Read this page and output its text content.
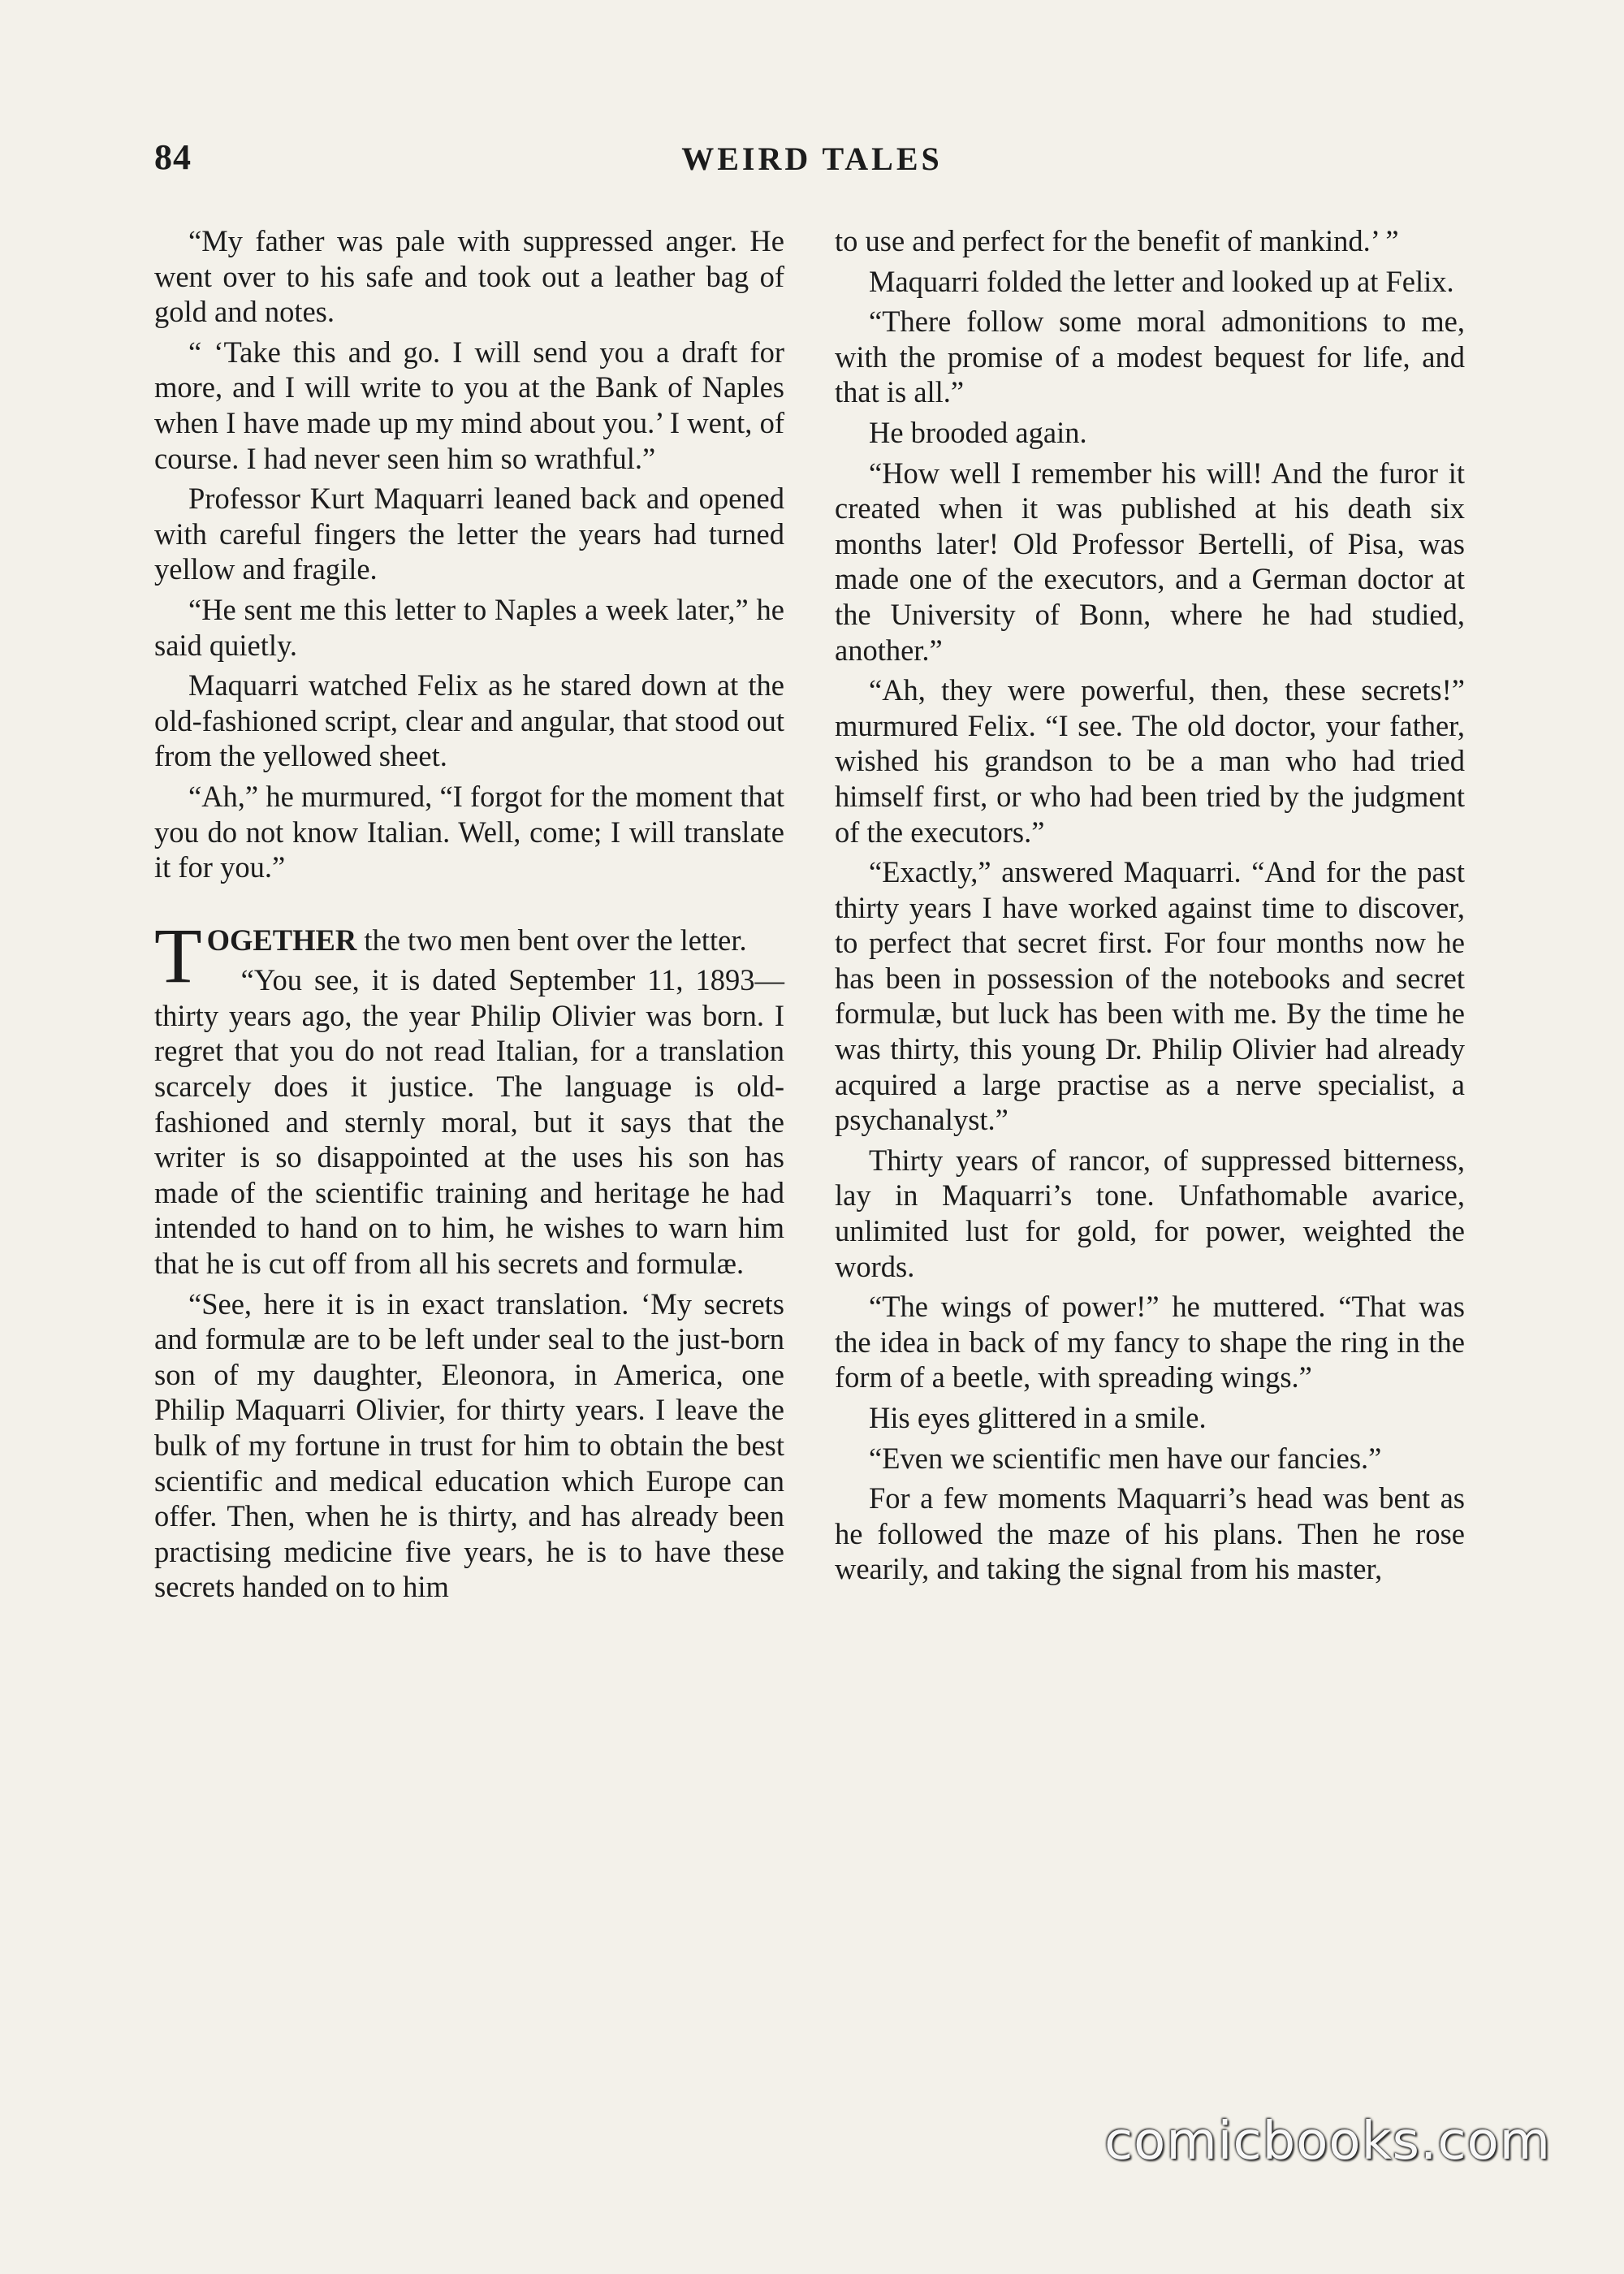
84	WEIRD TALES

“My father was pale with suppressed anger. He went over to his safe and took out a leather bag of gold and notes.

“ ‘Take this and go. I will send you a draft for more, and I will write to you at the Bank of Naples when I have made up my mind about you.’ I went, of course. I had never seen him so wrathful.”

Professor Kurt Maquarri leaned back and opened with careful fingers the letter the years had turned yellow and fragile.

“He sent me this letter to Naples a week later,” he said quietly.

Maquarri watched Felix as he stared down at the old-fashioned script, clear and angular, that stood out from the yellowed sheet.

“Ah,” he murmured, “I forgot for the moment that you do not know Italian. Well, come; I will translate it for you.”

TOGETHER the two men bent over the letter.

“You see, it is dated September 11, 1893—thirty years ago, the year Philip Olivier was born. I regret that you do not read Italian, for a translation scarcely does it justice. The language is old-fashioned and sternly moral, but it says that the writer is so disappointed at the uses his son has made of the scientific training and heritage he had intended to hand on to him, he wishes to warn him that he is cut off from all his secrets and formulæ.

“See, here it is in exact translation. ‘My secrets and formulæ are to be left under seal to the just-born son of my daughter, Eleonora, in America, one Philip Maquarri Olivier, for thirty years. I leave the bulk of my fortune in trust for him to obtain the best scientific and medical education which Europe can offer. Then, when he is thirty, and has already been practising medicine five years, he is to have these secrets handed on to him

to use and perfect for the benefit of mankind.’ ”

Maquarri folded the letter and looked up at Felix.

“There follow some moral admonitions to me, with the promise of a modest bequest for life, and that is all.”

He brooded again.

“How well I remember his will! And the furor it created when it was published at his death six months later! Old Professor Bertelli, of Pisa, was made one of the executors, and a German doctor at the University of Bonn, where he had studied, another.”

“Ah, they were powerful, then, these secrets!” murmured Felix. “I see. The old doctor, your father, wished his grandson to be a man who had tried himself first, or who had been tried by the judgment of the executors.”

“Exactly,” answered Maquarri. “And for the past thirty years I have worked against time to discover, to perfect that secret first. For four months now he has been in possession of the notebooks and secret formulæ, but luck has been with me. By the time he was thirty, this young Dr. Philip Olivier had already acquired a large practise as a nerve specialist, a psychanalyst.”

Thirty years of rancor, of suppressed bitterness, lay in Maquarri’s tone. Unfathomable avarice, unlimited lust for gold, for power, weighted the words.

“The wings of power!” he muttered. “That was the idea in back of my fancy to shape the ring in the form of a beetle, with spreading wings.”

His eyes glittered in a smile.

“Even we scientific men have our fancies.”

For a few moments Maquarri’s head was bent as he followed the maze of his plans. Then he rose wearily, and taking the signal from his master,

comicbooks.com
